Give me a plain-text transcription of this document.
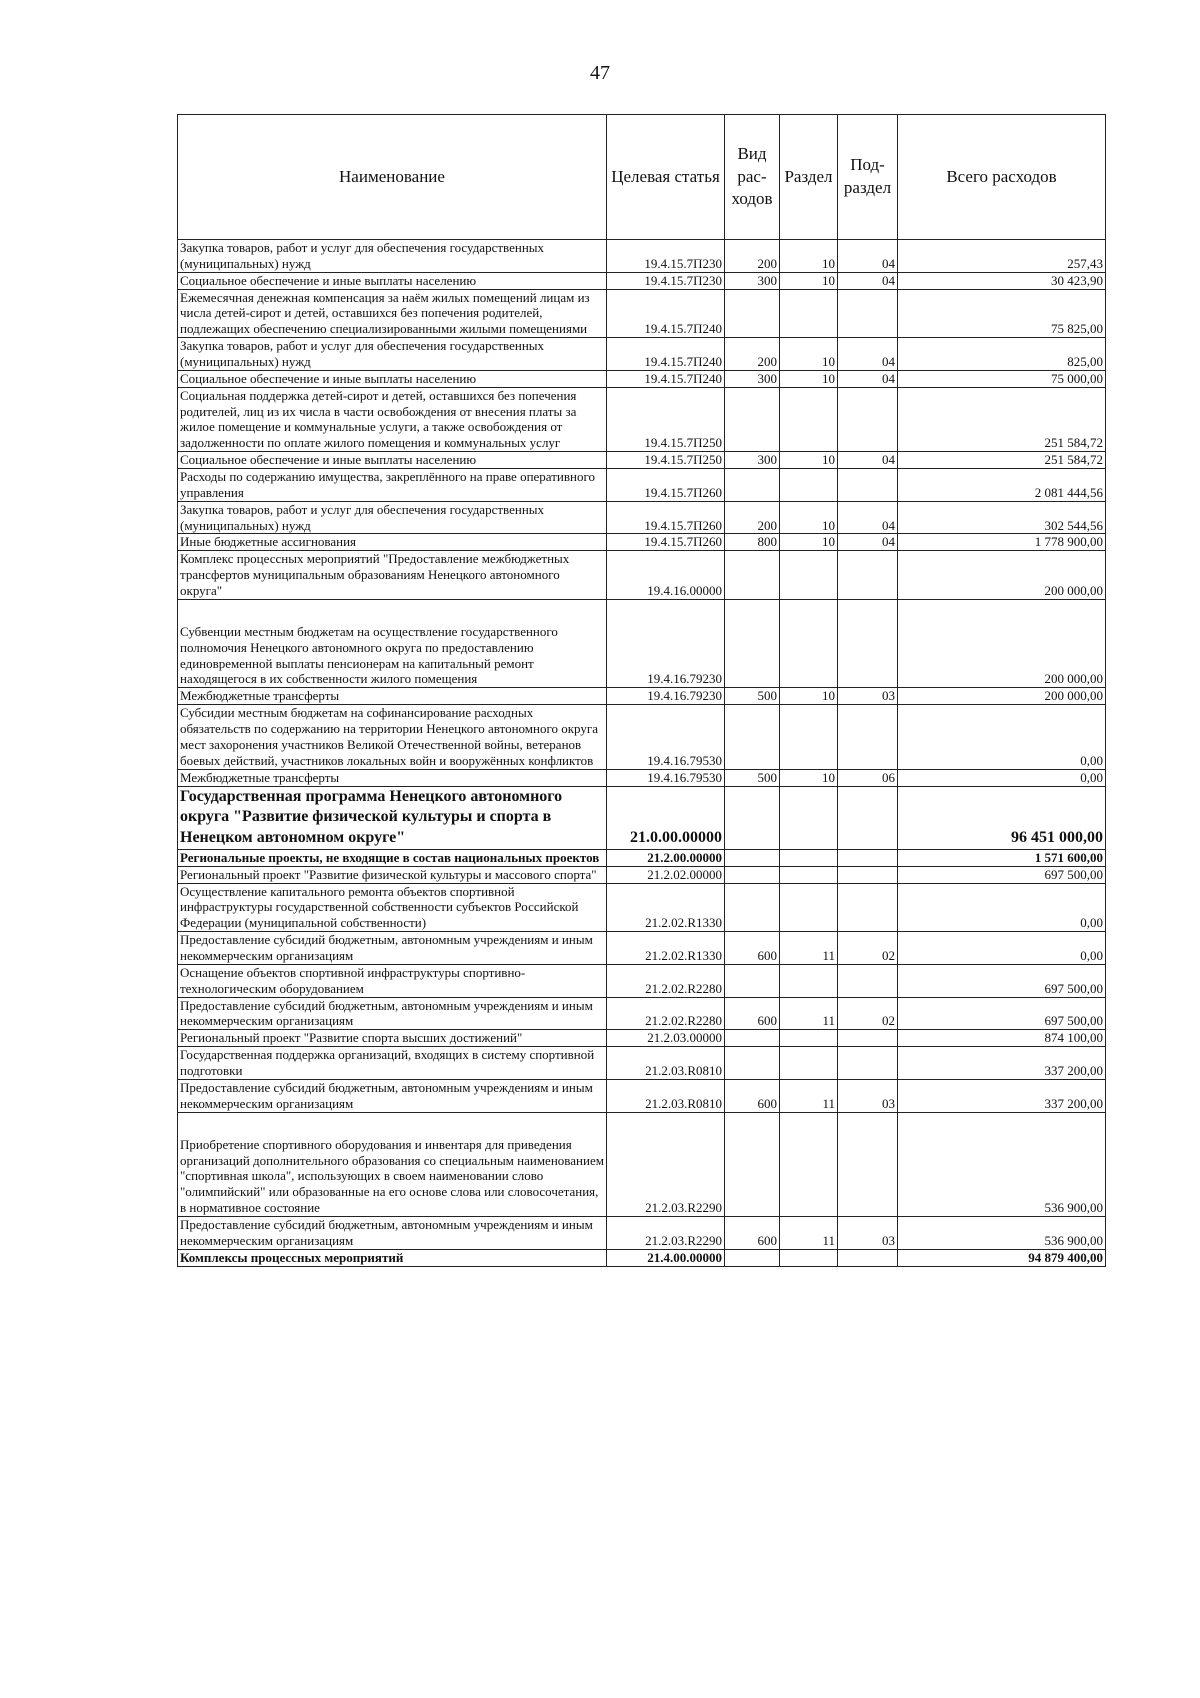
47
Наименование	Целевая статья	Вид рас-ходов	Раздел	Под-раздел	Всего расходов
Закупка товаров, работ и услуг для обеспечения государственных (муниципальных) нужд	19.4.15.7П230	200	10	04	257,43
Социальное обеспечение и иные выплаты населению	19.4.15.7П230	300	10	04	30 423,90
Ежемесячная денежная компенсация за наём жилых помещений лицам из числа детей-сирот и детей, оставшихся без попечения родителей, подлежащих обеспечению специализированными жилыми помещениями	19.4.15.7П240				75 825,00
Закупка товаров, работ и услуг для обеспечения государственных (муниципальных) нужд	19.4.15.7П240	200	10	04	825,00
Социальное обеспечение и иные выплаты населению	19.4.15.7П240	300	10	04	75 000,00
Социальная поддержка детей-сирот и детей, оставшихся без попечения родителей, лиц из их числа в части освобождения от внесения платы за жилое помещение и коммунальные услуги, а также освобождения от задолженности по оплате жилого помещения и коммунальных услуг	19.4.15.7П250				251 584,72
Социальное обеспечение и иные выплаты населению	19.4.15.7П250	300	10	04	251 584,72
Расходы по содержанию имущества, закреплённого на праве оперативного управления	19.4.15.7П260				2 081 444,56
Закупка товаров, работ и услуг для обеспечения государственных (муниципальных) нужд	19.4.15.7П260	200	10	04	302 544,56
Иные бюджетные ассигнования	19.4.15.7П260	800	10	04	1 778 900,00
Комплекс процессных мероприятий "Предоставление межбюджетных трансфертов муниципальным образованиям Ненецкого автономного округа"	19.4.16.00000				200 000,00
Субвенции местным бюджетам на осуществление государственного полномочия Ненецкого автономного округа по предоставлению единовременной выплаты пенсионерам на капитальный ремонт находящегося в их собственности жилого помещения	19.4.16.79230				200 000,00
Межбюджетные трансферты	19.4.16.79230	500	10	03	200 000,00
Субсидии местным бюджетам на софинансирование расходных обязательств по содержанию на территории Ненецкого автономного округа мест захоронения участников Великой Отечественной войны, ветеранов боевых действий, участников локальных войн и вооружённых конфликтов	19.4.16.79530				0,00
Межбюджетные трансферты	19.4.16.79530	500	10	06	0,00
Государственная программа Ненецкого автономного округа "Развитие физической культуры и спорта в Ненецком автономном округе"	21.0.00.00000				96 451 000,00
Региональные проекты, не входящие в состав национальных проектов	21.2.00.00000				1 571 600,00
Региональный проект "Развитие физической культуры и массового спорта"	21.2.02.00000				697 500,00
Осуществление капитального ремонта объектов спортивной инфраструктуры государственной собственности субъектов Российской Федерации (муниципальной собственности)	21.2.02.R1330				0,00
Предоставление субсидий бюджетным, автономным учреждениям и иным некоммерческим организациям	21.2.02.R1330	600	11	02	0,00
Оснащение объектов спортивной инфраструктуры спортивно-технологическим оборудованием	21.2.02.R2280				697 500,00
Предоставление субсидий бюджетным, автономным учреждениям и иным некоммерческим организациям	21.2.02.R2280	600	11	02	697 500,00
Региональный проект "Развитие спорта высших достижений"	21.2.03.00000				874 100,00
Государственная поддержка организаций, входящих в систему спортивной подготовки	21.2.03.R0810				337 200,00
Предоставление субсидий бюджетным, автономным учреждениям и иным некоммерческим организациям	21.2.03.R0810	600	11	03	337 200,00
Приобретение спортивного оборудования и инвентаря для приведения организаций дополнительного образования со специальным наименованием "спортивная школа", использующих в своем наименовании слово "олимпийский" или образованные на его основе слова или словосочетания, в нормативное состояние	21.2.03.R2290				536 900,00
Предоставление субсидий бюджетным, автономным учреждениям и иным некоммерческим организациям	21.2.03.R2290	600	11	03	536 900,00
Комплексы процессных мероприятий	21.4.00.00000				94 879 400,00
